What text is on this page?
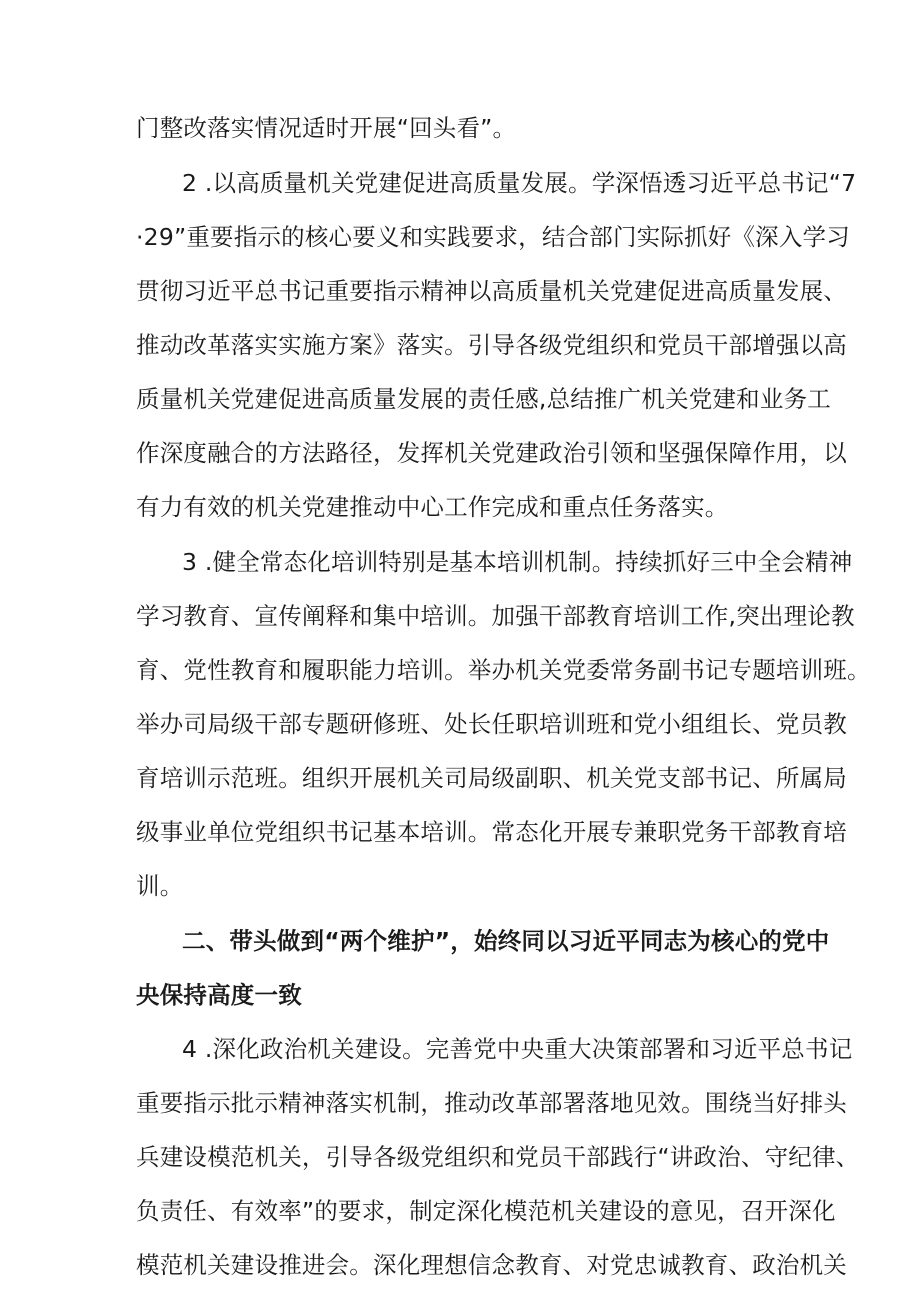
门整改落实情况适时开展“回头看”。
2 .以高质量机关党建促进高质量发展。学深悟透习近平总书记“7
·29”重要指示的核心要义和实践要求，结合部门实际抓好《深入学习
贯彻习近平总书记重要指示精神以高质量机关党建促进高质量发展、
推动改革落实实施方案》落实。引导各级党组织和党员干部增强以高
质量机关党建促进高质量发展的责任感,总结推广机关党建和业务工
作深度融合的方法路径，发挥机关党建政治引领和坚强保障作用，以
有力有效的机关党建推动中心工作完成和重点任务落实。
3 .健全常态化培训特别是基本培训机制。持续抓好三中全会精神
学习教育、宣传阐释和集中培训。加强干部教育培训工作,突出理论教
育、党性教育和履职能力培训。举办机关党委常务副书记专题培训班。
举办司局级干部专题研修班、处长任职培训班和党小组组长、党员教
育培训示范班。组织开展机关司局级副职、机关党支部书记、所属局
级事业单位党组织书记基本培训。常态化开展专兼职党务干部教育培
训。
二、带头做到“两个维护”，始终同以习近平同志为核心的党中
央保持高度一致
4 .深化政治机关建设。完善党中央重大决策部署和习近平总书记
重要指示批示精神落实机制，推动改革部署落地见效。围绕当好排头
兵建设模范机关，引导各级党组织和党员干部践行“讲政治、守纪律、
负责任、有效率”的要求，制定深化模范机关建设的意见，召开深化
模范机关建设推进会。深化理想信念教育、对党忠诚教育、政治机关
